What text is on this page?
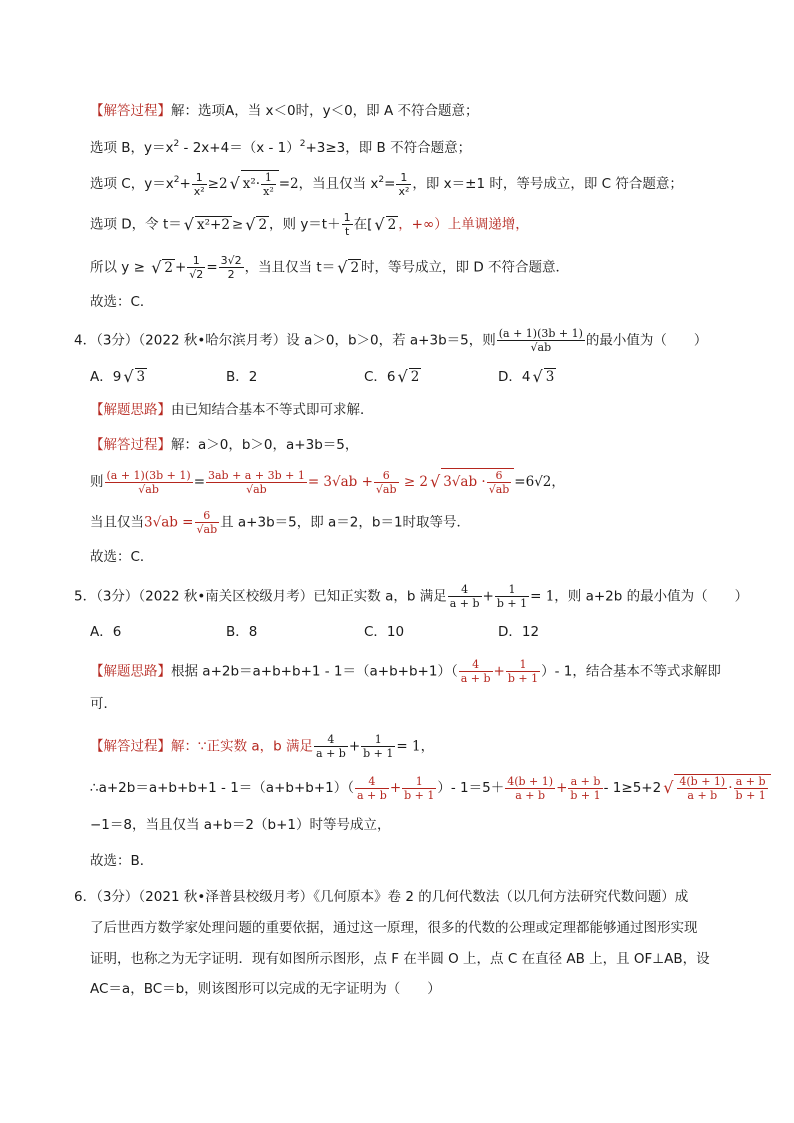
【解答过程】解：选项A，当 x＜0时，y＜0，即 A 不符合题意；
选项 B，$y=x^2 - 2x+4=(x - 1)^2+3\ge 3$，即 B 不符合题意；
选项 C，$y=x^2+ \frac{1}{\text{x²}} \ge 2$ √ $x^2\cdot \frac{1}{\text{x²}} =2$，当且仅当 $x^2= \frac{1}{\text{x²}}$ ，即 x＝±1 时，等号成立，即 C 符合题意；
选项 D，令 t＝ √ x²+2 ≥ √ 2 ，则 $y=t+ \frac{1}{t}$ 在[ √ 2 ，+∞）上单调递增，
所以 y ≥ √ $2 + \frac{1}{√2} = \frac{3√2}{2}$ ，当且仅当 t＝ √ 2 时，等号成立，即 D 不符合题意．
故选：C．
4．（3分）（2022 秋•哈尔滨月考）设 a＞0，b＞0，若 a+3b＝5，则 $\frac{(a + 1)(3b + 1)}{√ab}$ 的最小值为（　　）
A．9 √ 3	B．2	C．6 √ 2	D．4 √ 3
【解题思路】由已知结合基本不等式即可求解．
【解答过程】解：a＞0，b＞0，a+3b＝5，
则 $\frac{(a + 1)(3b + 1)}{√ab} = \frac{3ab + a + 3b + 1}{√ab} = 3√ab + \frac{6}{√ab} \ge 2$ √ $3√ab \cdot \frac{6}{√ab} =6√2$，
当且仅当$3√ab = \frac{6}{√ab}$ 且 a+3b＝5，即 a＝2，b＝1时取等号．
故选：C．
5．（3分）（2022 秋•南关区校级月考）已知正实数 a，b 满足 $\frac{4}{a + b} + \frac{1}{b + 1} = 1$，则 a+2b 的最小值为（　　）
A．6	B．8	C．10	D．12
【解题思路】根据 $a+2b=a+b+b+1 - 1=(a+b+b+1)( \frac{4}{a + b} + \frac{1}{b + 1}$ ）- 1，结合基本不等式求解即
可．
【解答过程】解：∵正实数 a，b 满足 $\frac{4}{a + b} + \frac{1}{b + 1} = 1$，
∴a+2b＝a+b+b+1 - $1=(a+b+b+1)( \frac{4}{a + b} + \frac{1}{b + 1}$ ）- $1=5+ \frac{4(b + 1)}{a + b} + \frac{a + b}{b + 1} - 1\ge 5+2$ √ $\frac{4(b + 1)}{a + b} \cdot \frac{a + b}{b + 1}$
−1＝8，当且仅当 a+b＝2（b+1）时等号成立，
故选：B．
6．（3分）（2021 秋•泽普县校级月考）《几何原本》卷 2 的几何代数法（以几何方法研究代数问题）成
了后世西方数学家处理问题的重要依据，通过这一原理，很多的代数的公理或定理都能够通过图形实现
证明，也称之为无字证明．现有如图所示图形，点 F 在半圆 O 上，点 C 在直径 AB 上，且 OF⊥AB，设
AC＝a，BC＝b，则该图形可以完成的无字证明为（　　）
